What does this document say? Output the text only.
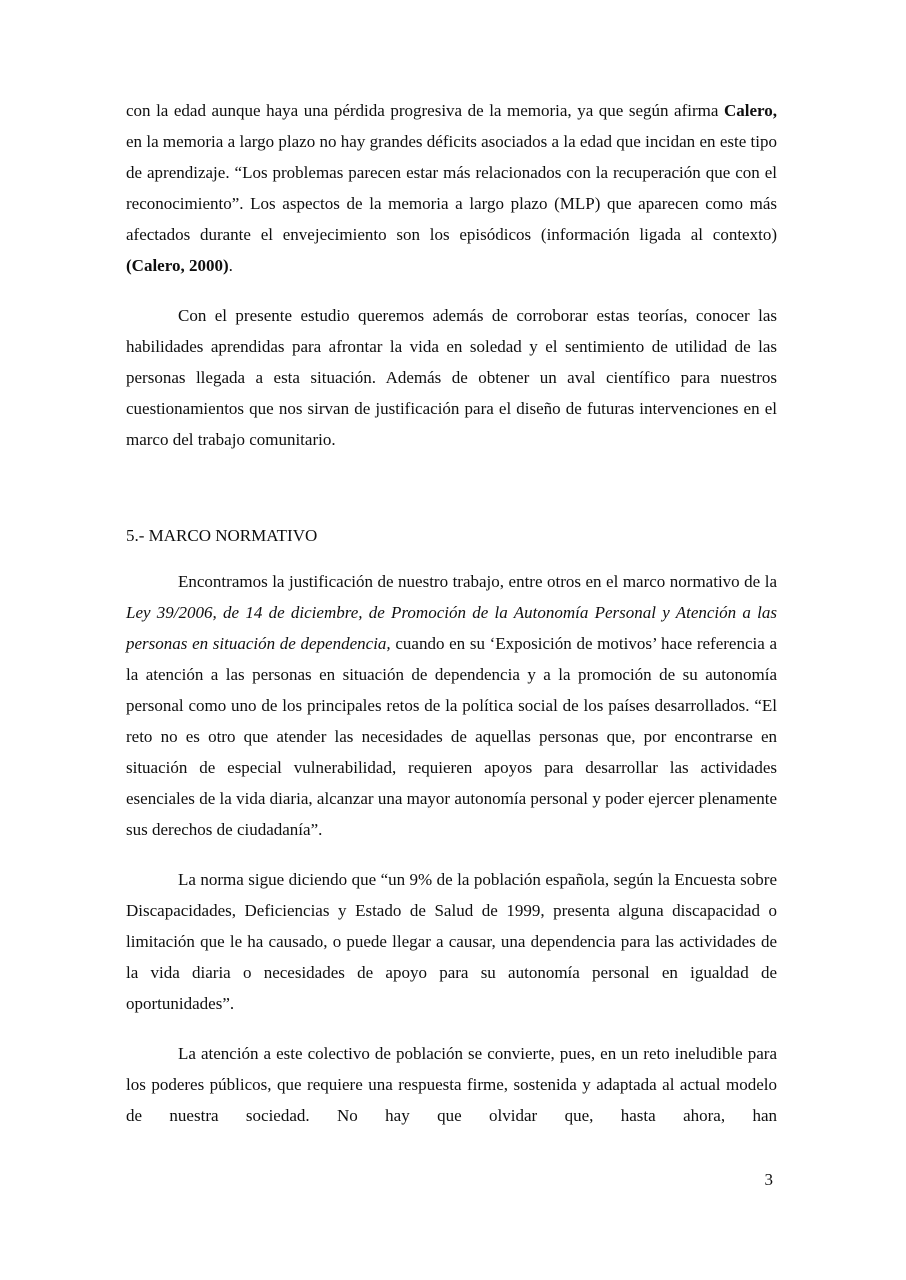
con la edad aunque haya una pérdida progresiva de la memoria, ya que según afirma Calero, en la memoria a largo plazo no hay grandes déficits asociados a la edad que incidan en este tipo de aprendizaje. “Los problemas parecen estar más relacionados con la recuperación que con el reconocimiento”. Los aspectos de la memoria a largo plazo (MLP) que aparecen como más afectados durante el envejecimiento son los episódicos (información ligada al contexto) (Calero, 2000).

Con el presente estudio queremos además de corroborar estas teorías, conocer las habilidades aprendidas para afrontar la vida en soledad y el sentimiento de utilidad de las personas llegada a esta situación. Además de obtener un aval científico para nuestros cuestionamientos que nos sirvan de justificación para el diseño de futuras intervenciones en el marco del trabajo comunitario.

5.- MARCO NORMATIVO

Encontramos la justificación de nuestro trabajo, entre otros en el marco normativo de la Ley 39/2006, de 14 de diciembre, de Promoción de la Autonomía Personal y Atención a las personas en situación de dependencia, cuando en su ‘Exposición de motivos’ hace referencia a la atención a las personas en situación de dependencia y a la promoción de su autonomía personal como uno de los principales retos de la política social de los países desarrollados. “El reto no es otro que atender las necesidades de aquellas personas que, por encontrarse en situación de especial vulnerabilidad, requieren apoyos para desarrollar las actividades esenciales de la vida diaria, alcanzar una mayor autonomía personal y poder ejercer plenamente sus derechos de ciudadanía”.

La norma sigue diciendo que “un 9% de la población española, según la Encuesta sobre Discapacidades, Deficiencias y Estado de Salud de 1999, presenta alguna discapacidad o limitación que le ha causado, o puede llegar a causar, una dependencia para las actividades de la vida diaria o necesidades de apoyo para su autonomía personal en igualdad de oportunidades”.

La atención a este colectivo de población se convierte, pues, en un reto ineludible para los poderes públicos, que requiere una respuesta firme, sostenida y adaptada al actual modelo de nuestra sociedad. No hay que olvidar que, hasta ahora, han

3
